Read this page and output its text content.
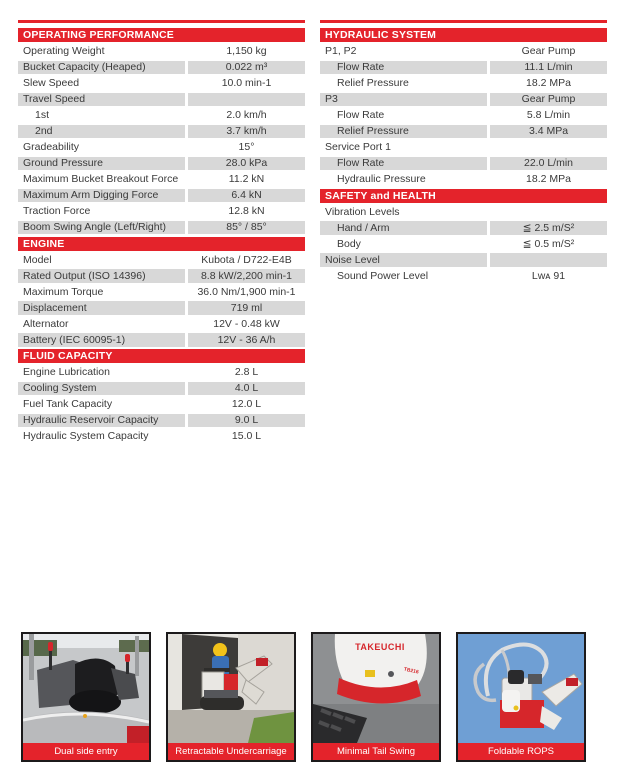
OPERATING PERFORMANCE
Operating Weight	1,150 kg
Bucket Capacity (Heaped)	0.022 m³
Slew Speed	10.0 min-1
Travel Speed
1st	2.0 km/h
2nd	3.7 km/h
Gradeability	15°
Ground Pressure	28.0 kPa
Maximum Bucket Breakout Force	11.2 kN
Maximum Arm Digging Force	6.4 kN
Traction Force	12.8 kN
Boom Swing Angle (Left/Right)	85° / 85°
ENGINE
Model	Kubota / D722-E4B
Rated Output (ISO 14396)	8.8 kW/2,200 min-1
Maximum Torque	36.0 Nm/1,900 min-1
Displacement	719 ml
Alternator	12V - 0.48 kW
Battery (IEC 60095-1)	12V - 36 A/h
FLUID CAPACITY
Engine Lubrication	2.8 L
Cooling System	4.0 L
Fuel Tank Capacity	12.0 L
Hydraulic Reservoir Capacity	9.0 L
Hydraulic System Capacity	15.0 L
HYDRAULIC SYSTEM
P1, P2	Gear Pump
Flow Rate	11.1 L/min
Relief Pressure	18.2 MPa
P3	Gear Pump
Flow Rate	5.8 L/min
Relief Pressure	3.4 MPa
Service Port 1
Flow Rate	22.0 L/min
Hydraulic Pressure	18.2 MPa
SAFETY and HEALTH
Vibration Levels
Hand / Arm	≦ 2.5 m/S²
Body	≦ 0.5 m/S²
Noise Level
Sound Power Level	Lᴡᴀ 91
Dual side entry	Retractable Undercarriage
TAKEUCHI
TB216
Minimal Tail Swing	Foldable ROPS
